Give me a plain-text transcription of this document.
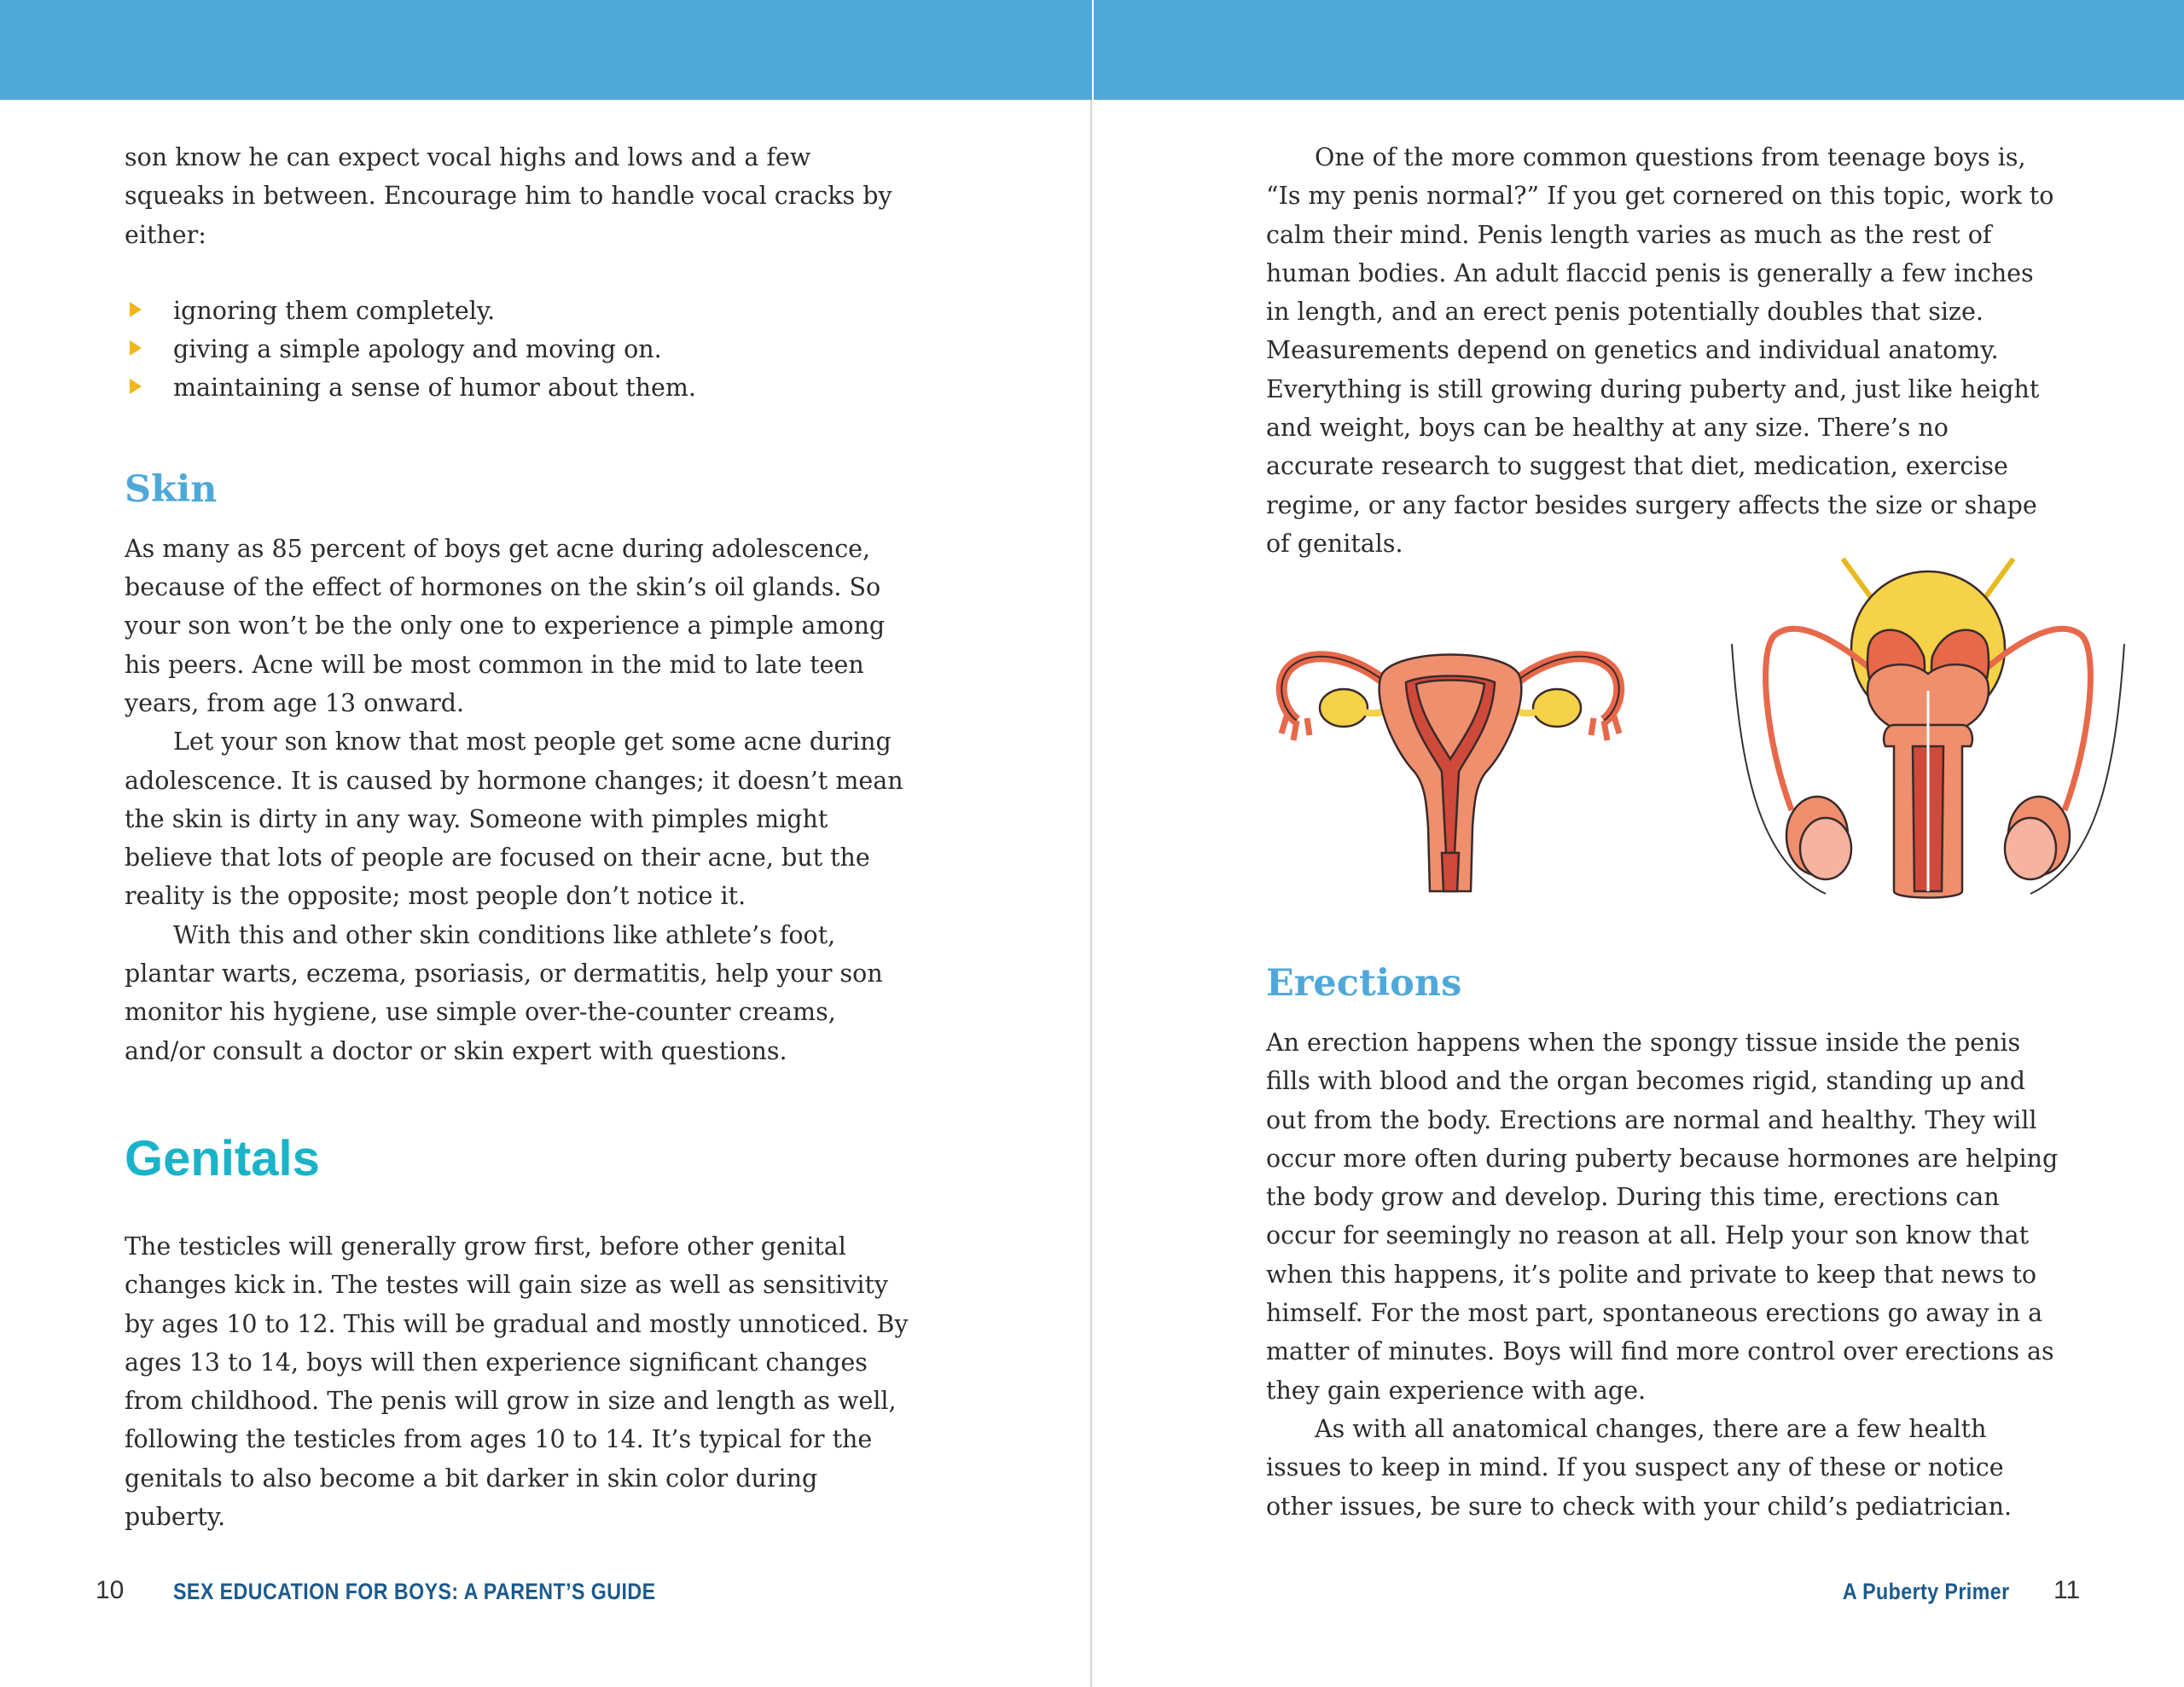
son know he can expect vocal highs and lows and a few squeaks in between. Encourage him to handle vocal cracks by either:

ignoring them completely.
giving a simple apology and moving on.
maintaining a sense of humor about them.
Skin

As many as 85 percent of boys get acne during adolescence, because of the effect of hormones on the skin’s oil glands. So your son won’t be the only one to experience a pimple among his peers. Acne will be most common in the mid to late teen years, from age 13 onward.

Let your son know that most people get some acne during adolescence. It is caused by hormone changes; it doesn’t mean the skin is dirty in any way. Someone with pimples might believe that lots of people are focused on their acne, but the reality is the opposite; most people don’t notice it.

With this and other skin conditions like athlete’s foot, plantar warts, eczema, psoriasis, or dermatitis, help your son monitor his hygiene, use simple over-the-counter creams, and/or consult a doctor or skin expert with questions.

Genitals

The testicles will generally grow first, before other genital changes kick in. The testes will gain size as well as sensitivity by ages 10 to 12. This will be gradual and mostly unnoticed. By ages 13 to 14, boys will then experience significant changes from childhood. The penis will grow in size and length as well, following the testicles from ages 10 to 14. It’s typical for the genitals to also become a bit darker in skin color during puberty.

10 SEX EDUCATION FOR BOYS: A PARENT’S GUIDE

One of the more common questions from teenage boys is, “Is my penis normal?” If you get cornered on this topic, work to calm their mind. Penis length varies as much as the rest of human bodies. An adult flaccid penis is generally a few inches in length, and an erect penis potentially doubles that size. Measurements depend on genetics and individual anatomy. Everything is still growing during puberty and, just like height and weight, boys can be healthy at any size. There’s no accurate research to suggest that diet, medication, exercise regime, or any factor besides surgery affects the size or shape of genitals.

Erections

An erection happens when the spongy tissue inside the penis fills with blood and the organ becomes rigid, standing up and out from the body. Erections are normal and healthy. They will occur more often during puberty because hormones are helping the body grow and develop. During this time, erections can occur for seemingly no reason at all. Help your son know that when this happens, it’s polite and private to keep that news to himself. For the most part, spontaneous erections go away in a matter of minutes. Boys will find more control over erections as they gain experience with age.

As with all anatomical changes, there are a few health issues to keep in mind. If you suspect any of these or notice other issues, be sure to check with your child’s pediatrician.

A Puberty Primer 11
